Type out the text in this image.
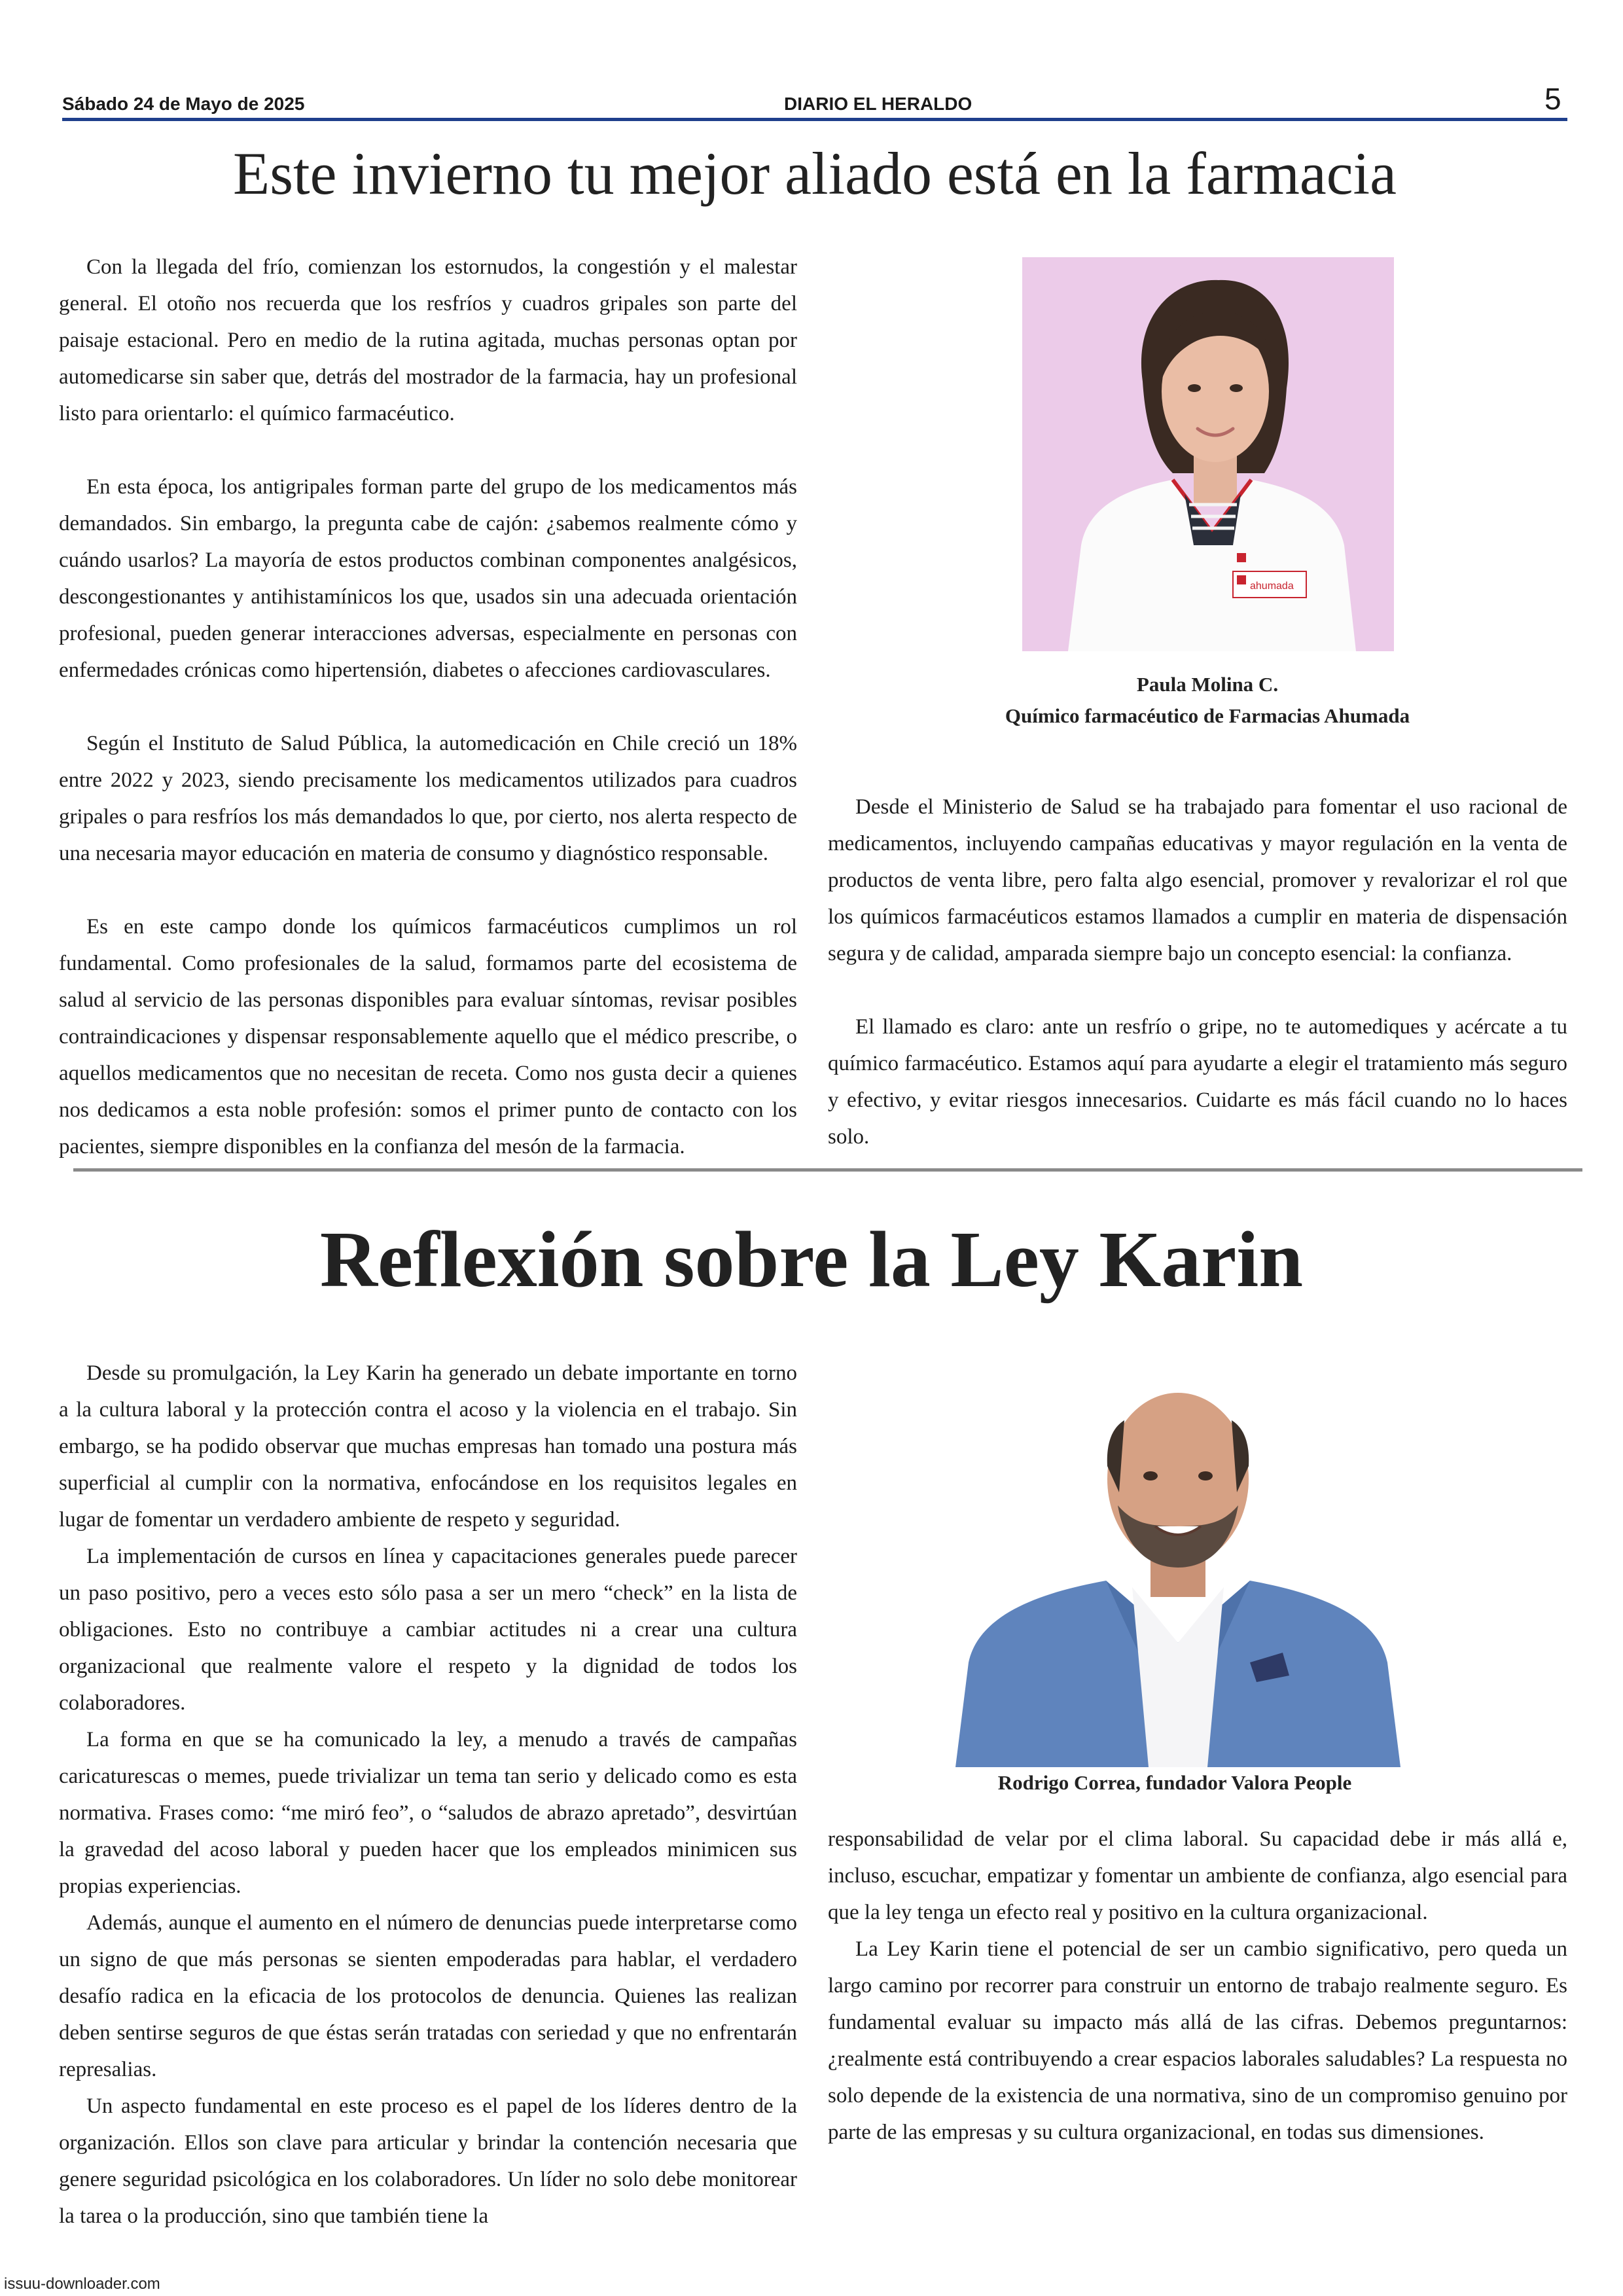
Sábado 24 de Mayo de 2025	DIARIO EL HERALDO	5
Este invierno tu mejor aliado está en la farmacia

Con la llegada del frío, comienzan los estornudos, la congestión y el malestar general. El otoño nos recuerda que los resfríos y cuadros gripales son parte del paisaje estacional. Pero en medio de la rutina agitada, muchas personas optan por automedicarse sin saber que, detrás del mostrador de la farmacia, hay un profesional listo para orientarlo: el químico farmacéutico.

En esta época, los antigripales forman parte del grupo de los medicamentos más demandados. Sin embargo, la pregunta cabe de cajón: ¿sabemos realmente cómo y cuándo usarlos? La mayoría de estos productos combinan componentes analgésicos, descongestionantes y antihistamínicos los que, usados sin una adecuada orientación profesional, pueden generar interacciones adversas, especialmente en personas con enfermedades crónicas como hipertensión, diabetes o afecciones cardiovasculares.

Según el Instituto de Salud Pública, la automedicación en Chile creció un 18% entre 2022 y 2023, siendo precisamente los medicamentos utilizados para cuadros gripales o para resfríos los más demandados lo que, por cierto, nos alerta respecto de una necesaria mayor educación en materia de consumo y diagnóstico responsable.

Es en este campo donde los químicos farmacéuticos cumplimos un rol fundamental. Como profesionales de la salud, formamos parte del ecosistema de salud al servicio de las personas disponibles para evaluar síntomas, revisar posibles contraindicaciones y dispensar responsablemente aquello que el médico prescribe, o aquellos medicamentos que no necesitan de receta. Como nos gusta decir a quienes nos dedicamos a esta noble profesión: somos el primer punto de contacto con los pacientes, siempre disponibles en la confianza del mesón de la farmacia.

ahumada
Paula Molina C.
Químico farmacéutico de Farmacias Ahumada

Desde el Ministerio de Salud se ha trabajado para fomentar el uso racional de medicamentos, incluyendo campañas educativas y mayor regulación en la venta de productos de venta libre, pero falta algo esencial, promover y revalorizar el rol que los químicos farmacéuticos estamos llamados a cumplir en materia de dispensación segura y de calidad, amparada siempre bajo un concepto esencial: la confianza.

El llamado es claro: ante un resfrío o gripe, no te automediques y acércate a tu químico farmacéutico. Estamos aquí para ayudarte a elegir el tratamiento más seguro y efectivo, y evitar riesgos innecesarios. Cuidarte es más fácil cuando no lo haces solo.

Reflexión sobre la Ley Karin

Desde su promulgación, la Ley Karin ha generado un debate importante en torno a la cultura laboral y la protección contra el acoso y la violencia en el trabajo. Sin embargo, se ha podido observar que muchas empresas han tomado una postura más superficial al cumplir con la normativa, enfocándose en los requisitos legales en lugar de fomentar un verdadero ambiente de respeto y seguridad.

La implementación de cursos en línea y capacitaciones generales puede parecer un paso positivo, pero a veces esto sólo pasa a ser un mero “check” en la lista de obligaciones. Esto no contribuye a cambiar actitudes ni a crear una cultura organizacional que realmente valore el respeto y la dignidad de todos los colaboradores.

La forma en que se ha comunicado la ley, a menudo a través de campañas caricaturescas o memes, puede trivializar un tema tan serio y delicado como es esta normativa. Frases como: “me miró feo”, o “saludos de abrazo apretado”, desvirtúan la gravedad del acoso laboral y pueden hacer que los empleados minimicen sus propias experiencias.

Además, aunque el aumento en el número de denuncias puede interpretarse como un signo de que más personas se sienten empoderadas para hablar, el verdadero desafío radica en la eficacia de los protocolos de denuncia. Quienes las realizan deben sentirse seguros de que éstas serán tratadas con seriedad y que no enfrentarán represalias.

Un aspecto fundamental en este proceso es el papel de los líderes dentro de la organización. Ellos son clave para articular y brindar la contención necesaria que genere seguridad psicológica en los colaboradores. Un líder no solo debe monitorear la tarea o la producción, sino que también tiene la

Rodrigo Correa, fundador Valora People

responsabilidad de velar por el clima laboral. Su capacidad debe ir más allá e, incluso, escuchar, empatizar y fomentar un ambiente de confianza, algo esencial para que la ley tenga un efecto real y positivo en la cultura organizacional.

La Ley Karin tiene el potencial de ser un cambio significativo, pero queda un largo camino por recorrer para construir un entorno de trabajo realmente seguro. Es fundamental evaluar su impacto más allá de las cifras. Debemos preguntarnos: ¿realmente está contribuyendo a crear espacios laborales saludables? La respuesta no solo depende de la existencia de una normativa, sino de un compromiso genuino por parte de las empresas y su cultura organizacional, en todas sus dimensiones.

issuu-downloader.com
